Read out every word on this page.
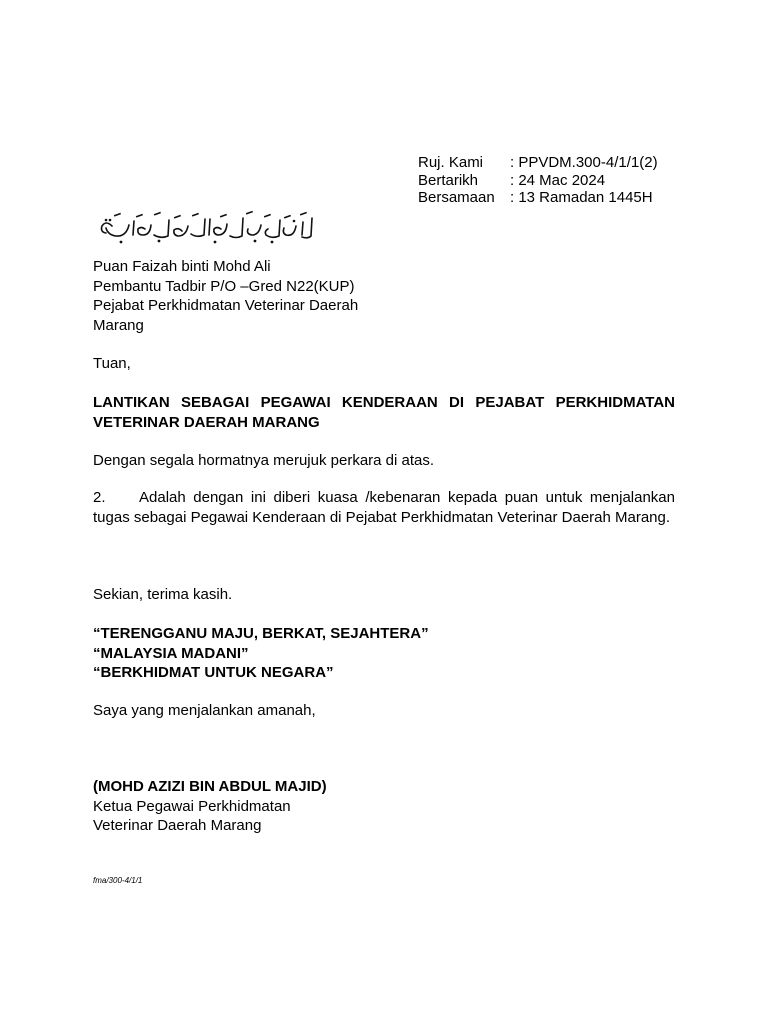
Ruj. Kami	: PPVDM.300-4/1/1(2)
Bertarikh	: 24 Mac 2024
Bersamaan	: 13 Ramadan 1445H
Puan Faizah binti Mohd Ali
Pembantu Tadbir P/O –Gred N22(KUP)
Pejabat Perkhidmatan Veterinar Daerah
Marang
Tuan,
LANTIKAN SEBAGAI PEGAWAI KENDERAAN DI PEJABAT PERKHIDMATAN VETERINAR DAERAH MARANG
Dengan segala hormatnya merujuk perkara di atas.
2. Adalah dengan ini diberi kuasa /kebenaran kepada puan untuk menjalankan tugas sebagai Pegawai Kenderaan di Pejabat Perkhidmatan Veterinar Daerah Marang.
Sekian, terima kasih.
“TERENGGANU MAJU, BERKAT, SEJAHTERA”
“MALAYSIA MADANI”
“BERKHIDMAT UNTUK NEGARA”
Saya yang menjalankan amanah,
(MOHD AZIZI BIN ABDUL MAJID)
Ketua Pegawai Perkhidmatan
Veterinar Daerah Marang
fma/300-4/1/1
